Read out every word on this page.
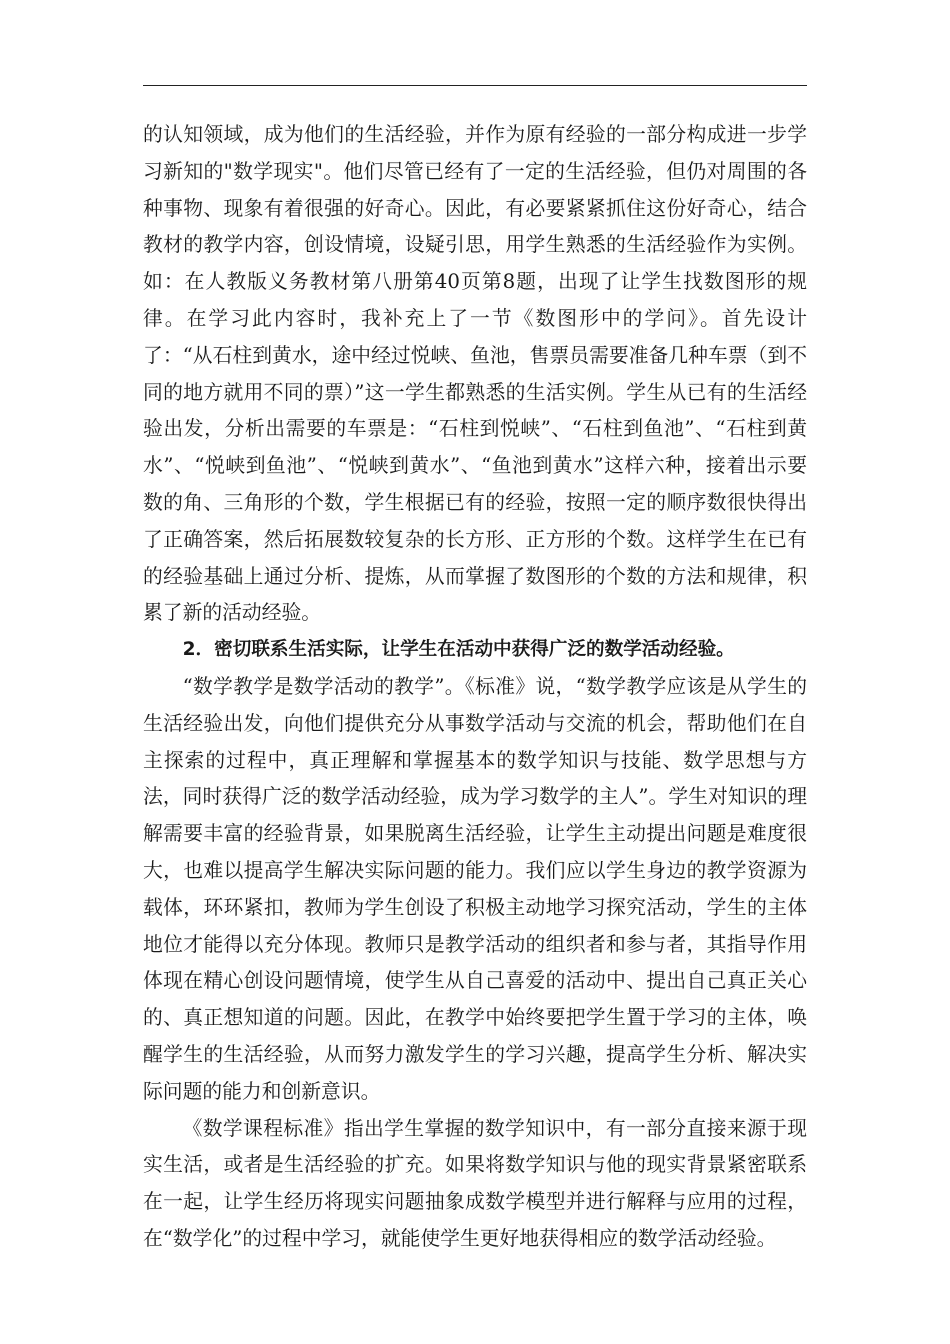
的认知领域，成为他们的生活经验，并作为原有经验的一部分构成进一步学习新知的"数学现实"。他们尽管已经有了一定的生活经验，但仍对周围的各种事物、现象有着很强的好奇心。因此，有必要紧紧抓住这份好奇心，结合教材的教学内容，创设情境，设疑引思，用学生熟悉的生活经验作为实例。如：在人教版义务教材第八册第40页第8题，出现了让学生找数图形的规律。在学习此内容时，我补充上了一节《数图形中的学问》。首先设计了：“从石柱到黄水，途中经过悦峡、鱼池，售票员需要准备几种车票（到不同的地方就用不同的票）”这一学生都熟悉的生活实例。学生从已有的生活经验出发，分析出需要的车票是：“石柱到悦峡”、“石柱到鱼池”、“石柱到黄水”、“悦峡到鱼池”、“悦峡到黄水”、“鱼池到黄水”这样六种，接着出示要数的角、三角形的个数，学生根据已有的经验，按照一定的顺序数很快得出了正确答案，然后拓展数较复杂的长方形、正方形的个数。这样学生在已有的经验基础上通过分析、提炼，从而掌握了数图形的个数的方法和规律，积累了新的活动经验。

2．密切联系生活实际，让学生在活动中获得广泛的数学活动经验。

“数学教学是数学活动的教学”。《标准》说，“数学教学应该是从学生的生活经验出发，向他们提供充分从事数学活动与交流的机会，帮助他们在自主探索的过程中，真正理解和掌握基本的数学知识与技能、数学思想与方法，同时获得广泛的数学活动经验，成为学习数学的主人”。学生对知识的理解需要丰富的经验背景，如果脱离生活经验，让学生主动提出问题是难度很大，也难以提高学生解决实际问题的能力。我们应以学生身边的教学资源为载体，环环紧扣，教师为学生创设了积极主动地学习探究活动，学生的主体地位才能得以充分体现。教师只是教学活动的组织者和参与者，其指导作用体现在精心创设问题情境，使学生从自己喜爱的活动中、提出自己真正关心的、真正想知道的问题。因此，在教学中始终要把学生置于学习的主体，唤醒学生的生活经验，从而努力激发学生的学习兴趣，提高学生分析、解决实际问题的能力和创新意识。

《数学课程标准》指出学生掌握的数学知识中，有一部分直接来源于现实生活，或者是生活经验的扩充。如果将数学知识与他的现实背景紧密联系在一起，让学生经历将现实问题抽象成数学模型并进行解释与应用的过程，在“数学化”的过程中学习，就能使学生更好地获得相应的数学活动经验。
